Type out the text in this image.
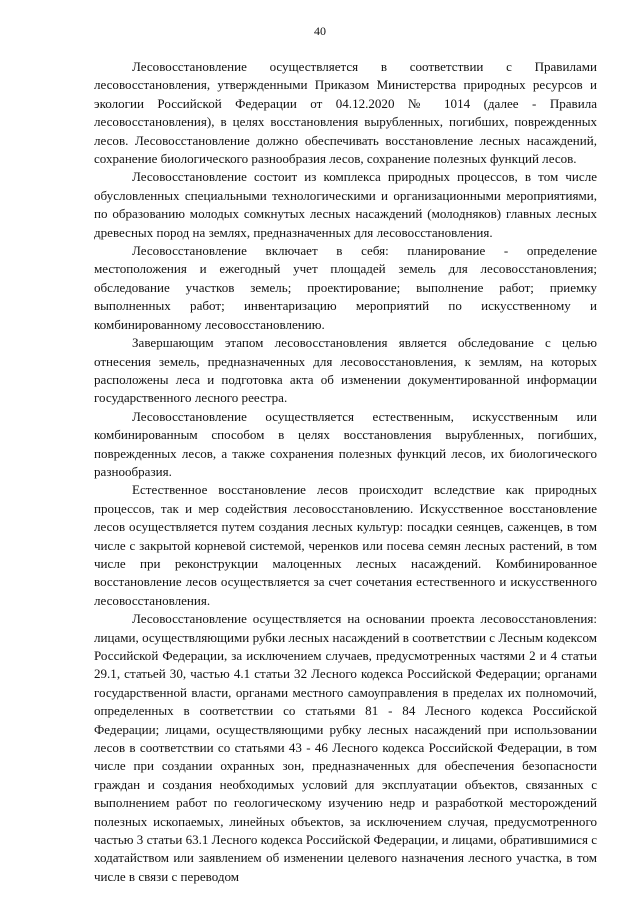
40

Лесовосстановление осуществляется в соответствии с Правилами лесовосстановления, утвержденными Приказом Министерства природных ресурсов и экологии Российской Федерации от 04.12.2020 № 1014 (далее - Правила лесовосстановления), в целях восстановления вырубленных, погибших, поврежденных лесов. Лесовосстановление должно обеспечивать восстановление лесных насаждений, сохранение биологического разнообразия лесов, сохранение полезных функций лесов.

Лесовосстановление состоит из комплекса природных процессов, в том числе обусловленных специальными технологическими и организационными мероприятиями, по образованию молодых сомкнутых лесных насаждений (молодняков) главных лесных древесных пород на землях, предназначенных для лесовосстановления.

Лесовосстановление включает в себя: планирование - определение местоположения и ежегодный учет площадей земель для лесовосстановления; обследование участков земель; проектирование; выполнение работ; приемку выполненных работ; инвентаризацию мероприятий по искусственному и комбинированному лесовосстановлению.

Завершающим этапом лесовосстановления является обследование с целью отнесения земель, предназначенных для лесовосстановления, к землям, на которых расположены леса и подготовка акта об изменении документированной информации государственного лесного реестра.

Лесовосстановление осуществляется естественным, искусственным или комбинированным способом в целях восстановления вырубленных, погибших, поврежденных лесов, а также сохранения полезных функций лесов, их биологического разнообразия.

Естественное восстановление лесов происходит вследствие как природных процессов, так и мер содействия лесовосстановлению. Искусственное восстановление лесов осуществляется путем создания лесных культур: посадки сеянцев, саженцев, в том числе с закрытой корневой системой, черенков или посева семян лесных растений, в том числе при реконструкции малоценных лесных насаждений. Комбинированное восстановление лесов осуществляется за счет сочетания естественного и искусственного лесовосстановления.

Лесовосстановление осуществляется на основании проекта лесовосстановления: лицами, осуществляющими рубки лесных насаждений в соответствии с Лесным кодексом Российской Федерации, за исключением случаев, предусмотренных частями 2 и 4 статьи 29.1, статьей 30, частью 4.1 статьи 32 Лесного кодекса Российской Федерации; органами государственной власти, органами местного самоуправления в пределах их полномочий, определенных в соответствии со статьями 81 - 84 Лесного кодекса Российской Федерации; лицами, осуществляющими рубку лесных насаждений при использовании лесов в соответствии со статьями 43 - 46 Лесного кодекса Российской Федерации, в том числе при создании охранных зон, предназначенных для обеспечения безопасности граждан и создания необходимых условий для эксплуатации объектов, связанных с выполнением работ по геологическому изучению недр и разработкой месторождений полезных ископаемых, линейных объектов, за исключением случая, предусмотренного частью 3 статьи 63.1 Лесного кодекса Российской Федерации, и лицами, обратившимися с ходатайством или заявлением об изменении целевого назначения лесного участка, в том числе в связи с переводом
